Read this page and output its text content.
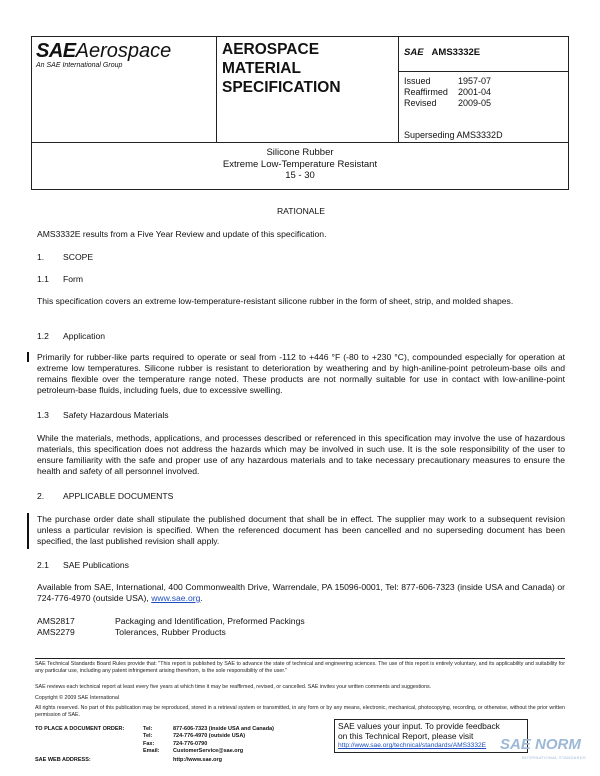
SAEAerospace
An SAE International Group
AEROSPACE
MATERIAL
SPECIFICATION
SAE AMS3332E
Issued	1957-07
Reaffirmed	2001-04
Revised	2009-05
Superseding AMS3332D
Silicone Rubber
Extreme Low-Temperature Resistant
15 - 30
RATIONALE
AMS3332E results from a Five Year Review and update of this specification.
1.	SCOPE
1.1	Form
This specification covers an extreme low-temperature-resistant silicone rubber in the form of sheet, strip, and molded shapes.
1.2	Application
Primarily for rubber-like parts required to operate or seal from -112 to +446 °F (-80 to +230 °C), compounded especially for operation at extreme low temperatures. Silicone rubber is resistant to deterioration by weathering and by high-aniline-point petroleum-base oils and remains flexible over the temperature range noted. These products are not normally suitable for use in contact with low-aniline-point petroleum-base fluids, including fuels, due to excessive swelling.
1.3	Safety Hazardous Materials
While the materials, methods, applications, and processes described or referenced in this specification may involve the use of hazardous materials, this specification does not address the hazards which may be involved in such use. It is the sole responsibility of the user to ensure familiarity with the safe and proper use of any hazardous materials and to take necessary precautionary measures to ensure the health and safety of all personnel involved.
2.	APPLICABLE DOCUMENTS
The purchase order date shall stipulate the published document that shall be in effect. The supplier may work to a subsequent revision unless a particular revision is specified. When the referenced document has been cancelled and no superseding document has been specified, the last published revision shall apply.
2.1	SAE Publications
Available from SAE, International, 400 Commonwealth Drive, Warrendale, PA 15096-0001, Tel: 877-606-7323 (inside USA and Canada) or 724-776-4970 (outside USA), www.sae.org.
AMS2817	Packaging and Identification, Preformed Packings
AMS2279	Tolerances, Rubber Products
SAE Technical Standards Board Rules provide that: "This report is published by SAE to advance the state of technical and engineering sciences. The use of this report is entirely voluntary, and its applicability and suitability for any particular use, including any patent infringement arising therefrom, is the sole responsibility of the user."
SAE reviews each technical report at least every five years at which time it may be reaffirmed, revised, or cancelled. SAE invites your written comments and suggestions.
Copyright © 2009 SAE International
All rights reserved. No part of this publication may be reproduced, stored in a retrieval system or transmitted, in any form or by any means, electronic, mechanical, photocopying, recording, or otherwise, without the prior written permission of SAE.
TO PLACE A DOCUMENT ORDER:	Tel:	877-606-7323 (inside USA and Canada)
Tel:	724-776-4970 (outside USA)
Fax:	724-776-0790
Email:	CustomerService@sae.org
SAE WEB ADDRESS:	http://www.sae.org
SAE values your input. To provide feedback
on this Technical Report, please visit
http://www.sae.org/technical/standards/AMS3332E SAE NORM
INTERNATIONAL STANDARDS
